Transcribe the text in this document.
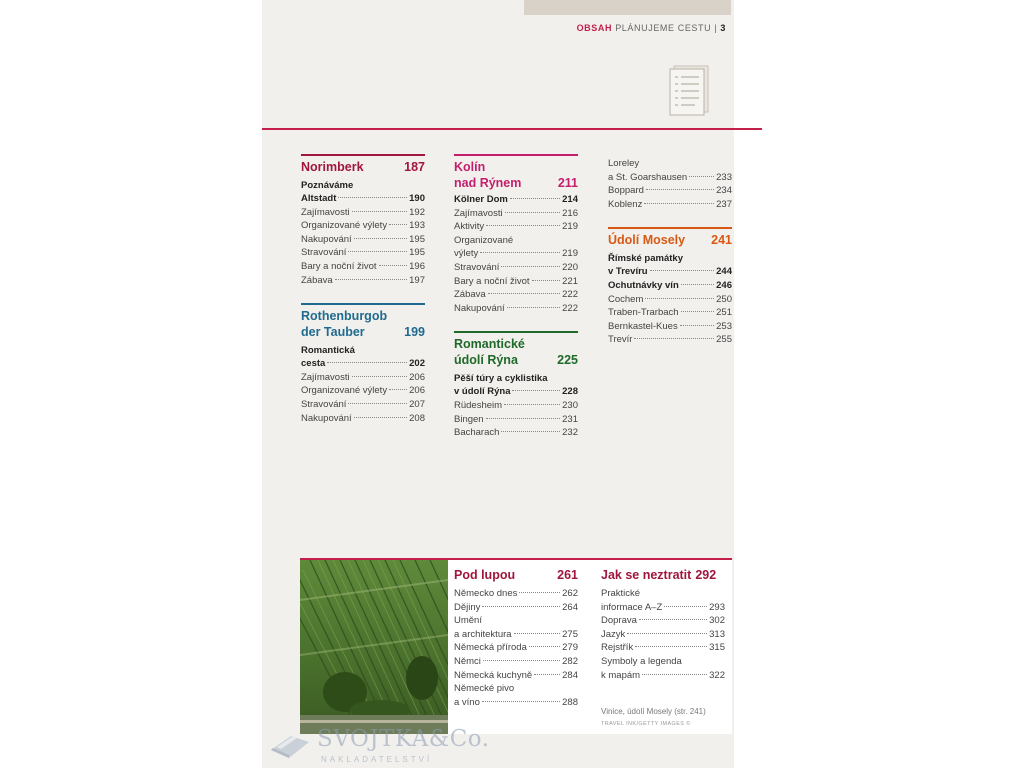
OBSAH PLÁNUJEME CESTU | 3
Norimberk	187
Poznáváme
Altstadt	190
Zajímavosti	192
Organizované výlety 193
Nakupování	195
Stravování	195
Bary a noční život	196
Zábava	197
Rothenburgob
der Tauber	199
Romantická
cesta	202
Zajímavosti	206
Organizované výlety 206
Stravování	207
Nakupování	208
Kolín
nad Rýnem	211
Kölner Dom	214
Zajímavosti	216
Aktivity	219
Organizované
výlety	219
Stravování	220
Bary a noční život	221
Zábava	222
Nakupování	222
Romantické
údolí Rýna	225
Pěší túry a cyklistika
v údolí Rýna	228
Rüdesheim	230
Bingen	231
Bacharach	232
Loreley
a St. Goarshausen	233
Boppard	234
Koblenz	237
Údolí Mosely 241
Římské památky
v Trevíru	244
Ochutnávky vín	246
Cochem	250
Traben-Trarbach	251
Bernkastel-Kues	253
Trevír	255
Pod lupou	261
Německo dnes	262
Dějiny	264
Umění
a architektura	275
Německá příroda	279
Němci	282
Německá kuchyně	284
Německé pivo
a víno	288
Jak se neztratit 292
Praktické
informace A–Z	293
Doprava	302
Jazyk	313
Rejstřík	315
Symboly a legenda
k mapám	322
Vinice, údolí Mosely (str. 241)
TRAVEL INK/GETTY IMAGES ©
SVOJTKA&Co.
NAKLADATELSTVÍ
